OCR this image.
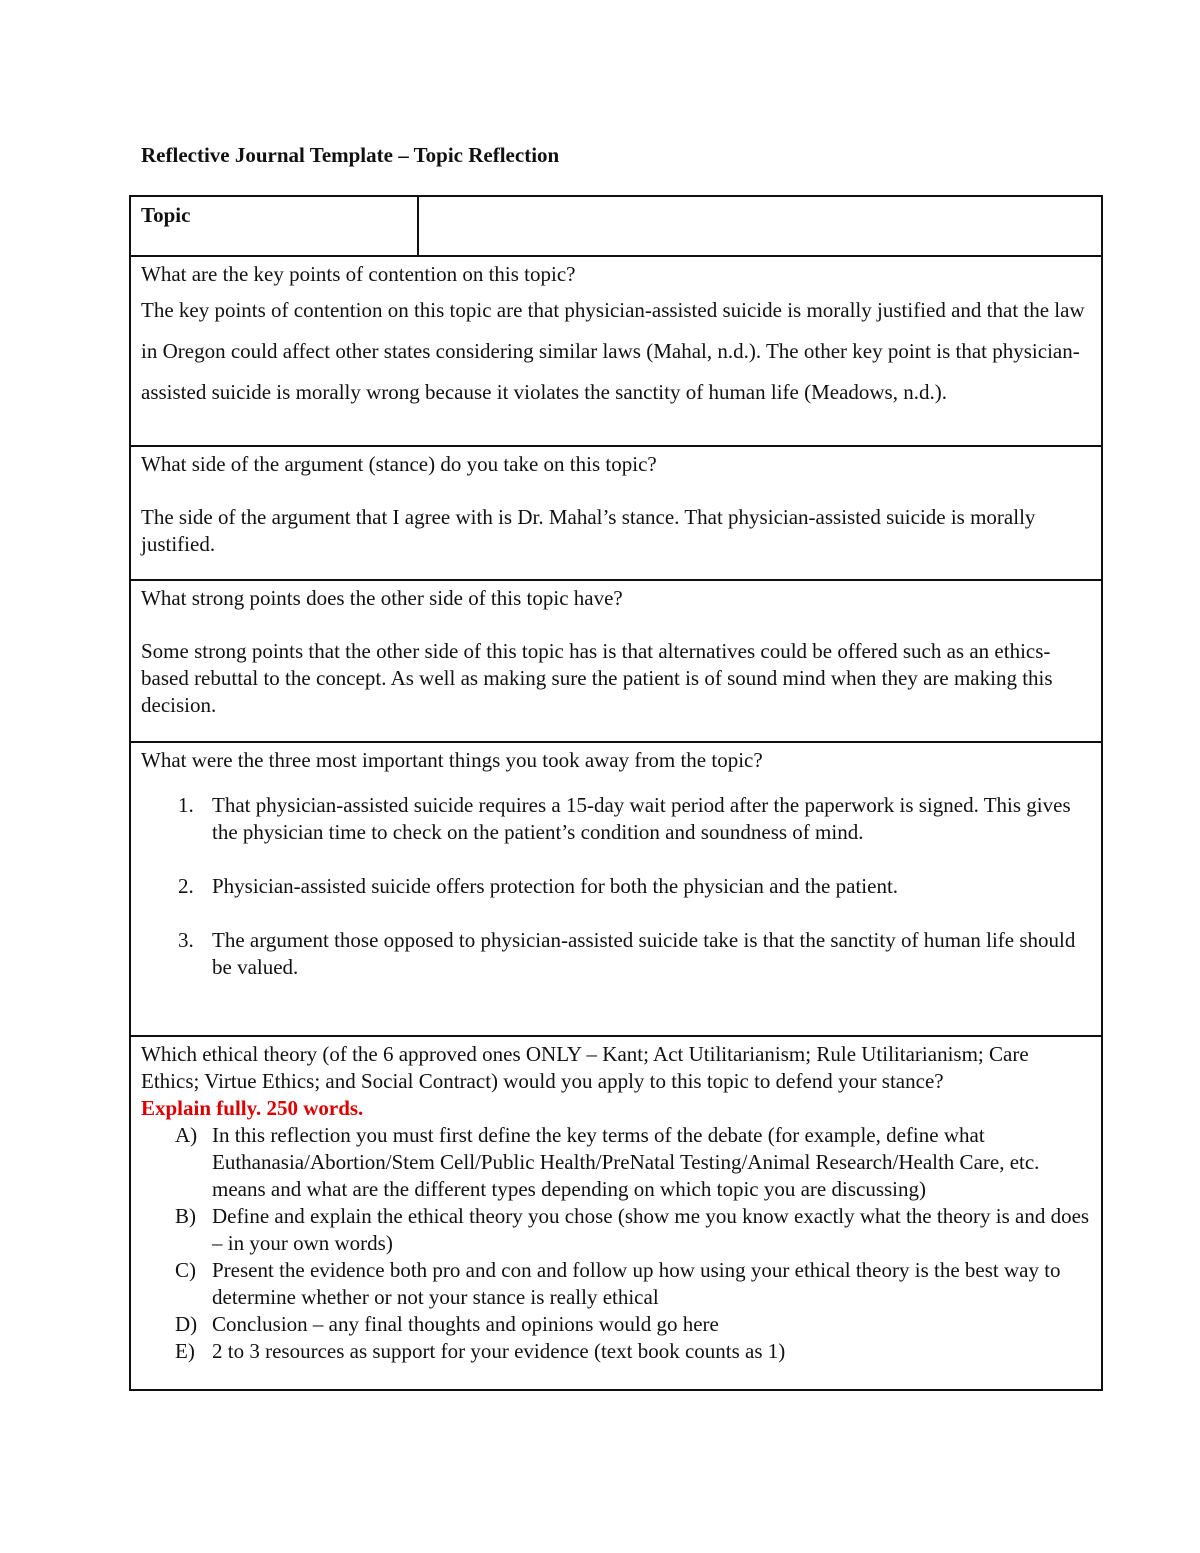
Reflective Journal Template – Topic Reflection
Topic	

What are the key points of contention on this topic?

The key points of contention on this topic are that physician-assisted suicide is morally justified and that the law in Oregon could affect other states considering similar laws (Mahal, n.d.). The other key point is that physician-assisted suicide is morally wrong because it violates the sanctity of human life (Meadows, n.d.).

What side of the argument (stance) do you take on this topic?

The side of the argument that I agree with is Dr. Mahal’s stance. That physician-assisted suicide is morally justified.

What strong points does the other side of this topic have?

Some strong points that the other side of this topic has is that alternatives could be offered such as an ethics-based rebuttal to the concept. As well as making sure the patient is of sound mind when they are making this decision.

What were the three most important things you took away from the topic?

1. That physician-assisted suicide requires a 15-day wait period after the paperwork is signed. This gives the physician time to check on the patient’s condition and soundness of mind.
2. Physician-assisted suicide offers protection for both the physician and the patient.
3. The argument those opposed to physician-assisted suicide take is that the sanctity of human life should be valued.

Which ethical theory (of the 6 approved ones ONLY – Kant; Act Utilitarianism; Rule Utilitarianism; Care Ethics; Virtue Ethics; and Social Contract) would you apply to this topic to defend your stance?
Explain fully. 250 words.

A) In this reflection you must first define the key terms of the debate (for example, define what Euthanasia/Abortion/Stem Cell/Public Health/PreNatal Testing/Animal Research/Health Care, etc. means and what are the different types depending on which topic you are discussing)
B) Define and explain the ethical theory you chose (show me you know exactly what the theory is and does – in your own words)
C) Present the evidence both pro and con and follow up how using your ethical theory is the best way to determine whether or not your stance is really ethical
D) Conclusion – any final thoughts and opinions would go here
E) 2 to 3 resources as support for your evidence (text book counts as 1)
